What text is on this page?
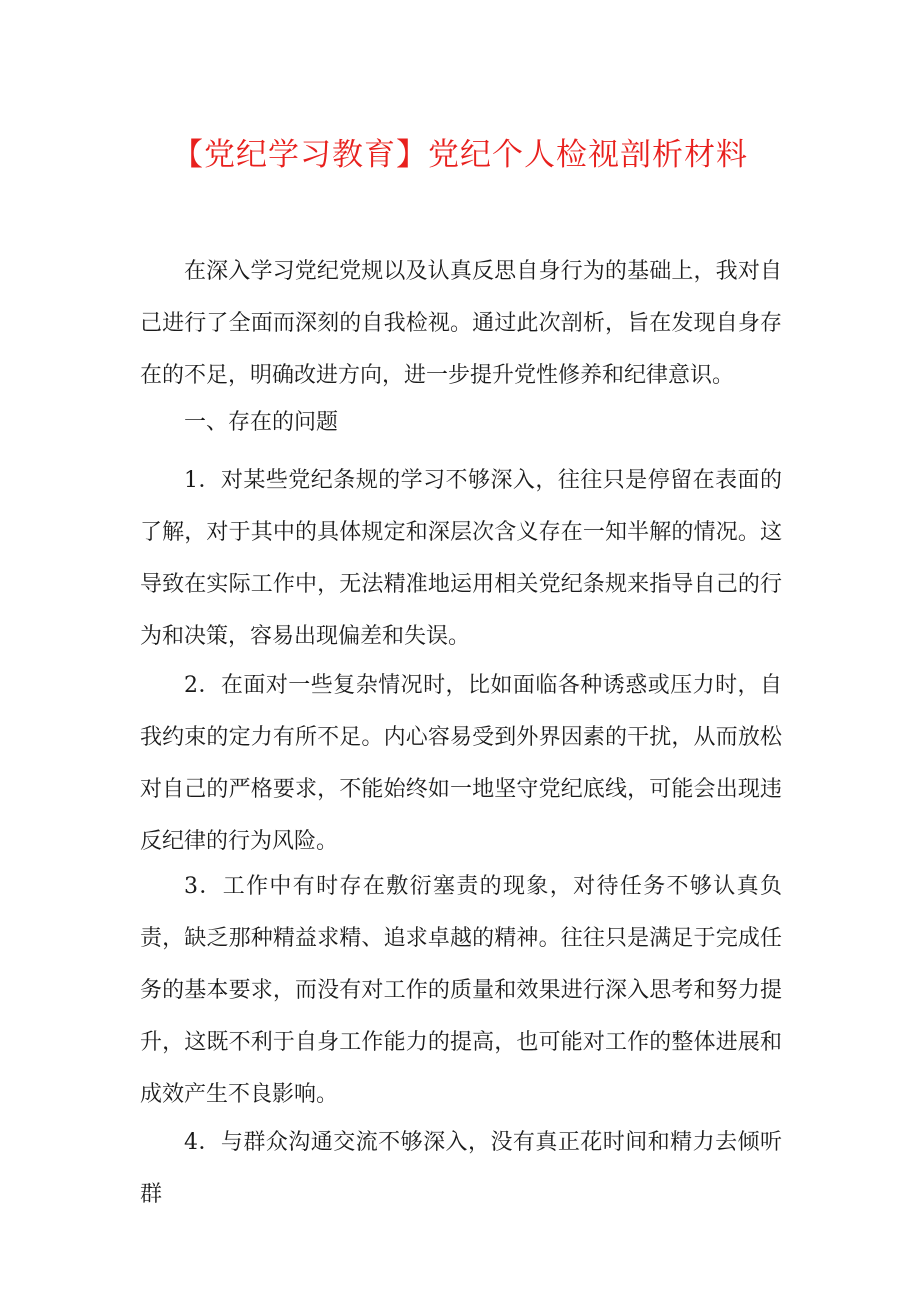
【党纪学习教育】党纪个人检视剖析材料

在深入学习党纪党规以及认真反思自身行为的基础上，我对自己进行了全面而深刻的自我检视。通过此次剖析，旨在发现自身存在的不足，明确改进方向，进一步提升党性修养和纪律意识。

一、存在的问题

1．对某些党纪条规的学习不够深入，往往只是停留在表面的了解，对于其中的具体规定和深层次含义存在一知半解的情况。这导致在实际工作中，无法精准地运用相关党纪条规来指导自己的行为和决策，容易出现偏差和失误。

2．在面对一些复杂情况时，比如面临各种诱惑或压力时，自我约束的定力有所不足。内心容易受到外界因素的干扰，从而放松对自己的严格要求，不能始终如一地坚守党纪底线，可能会出现违反纪律的行为风险。

3．工作中有时存在敷衍塞责的现象，对待任务不够认真负责，缺乏那种精益求精、追求卓越的精神。往往只是满足于完成任务的基本要求，而没有对工作的质量和效果进行深入思考和努力提升，这既不利于自身工作能力的提高，也可能对工作的整体进展和成效产生不良影响。

4．与群众沟通交流不够深入，没有真正花时间和精力去倾听群
